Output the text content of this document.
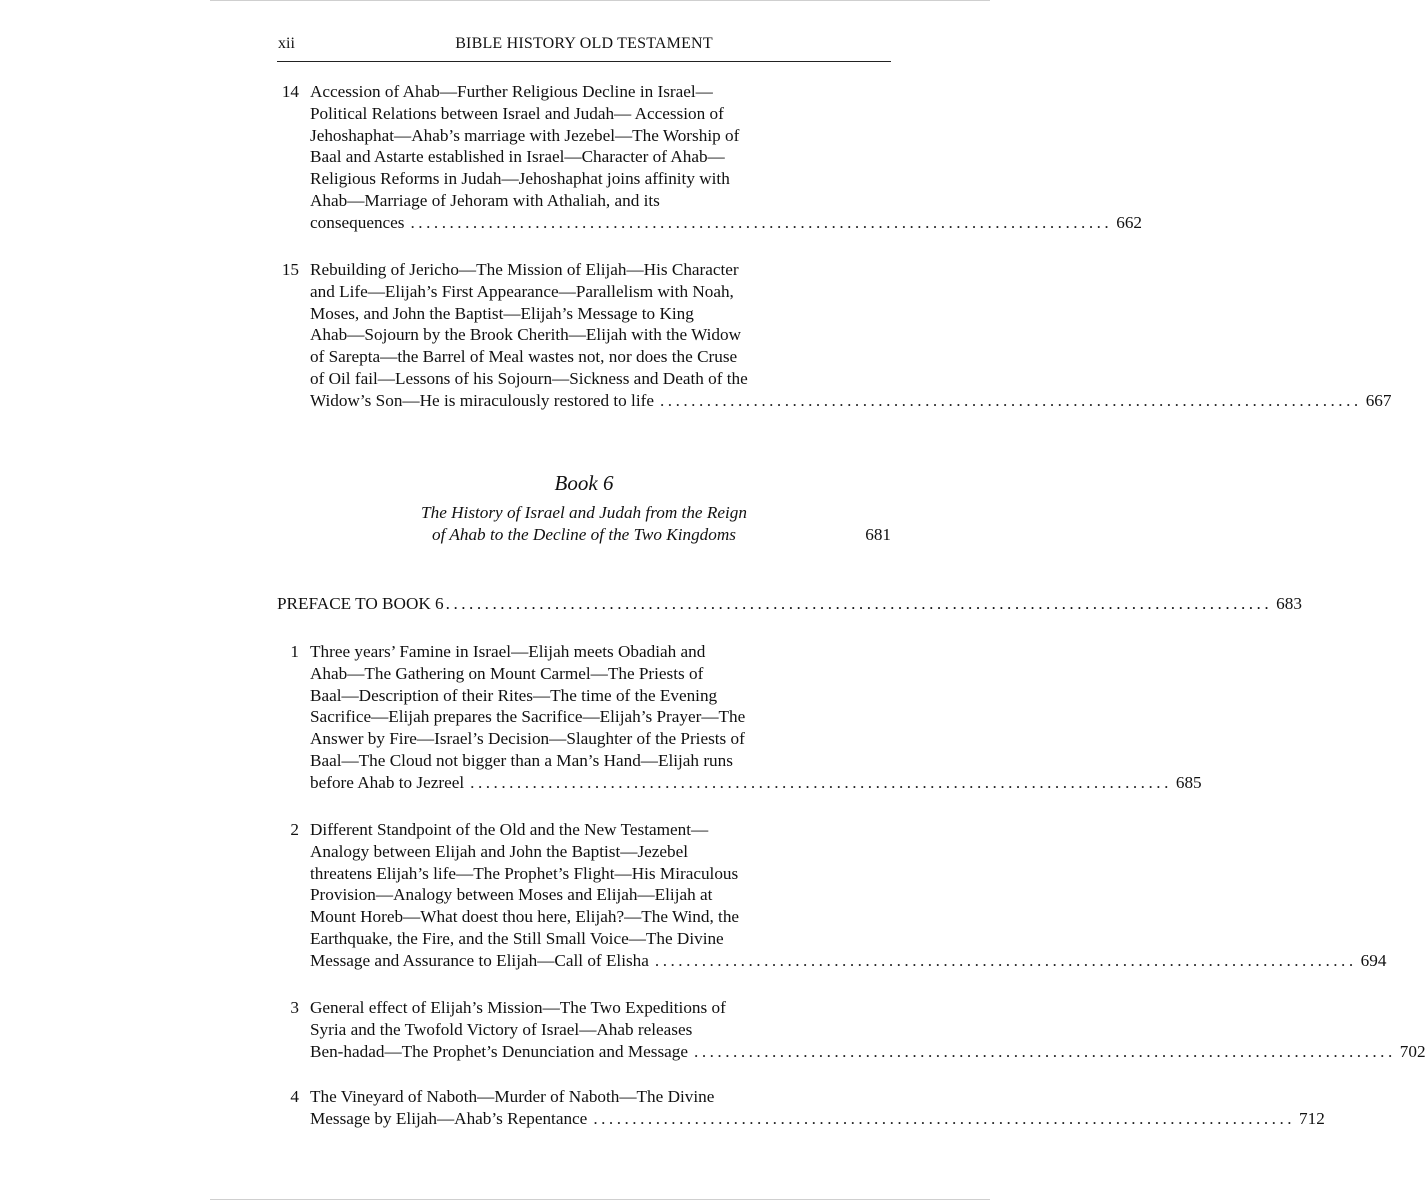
xii	BIBLE HISTORY OLD TESTAMENT
14 Accession of Ahab—Further Religious Decline in Israel—
Political Relations between Israel and Judah— Accession of
Jehoshaphat—Ahab’s marriage with Jezebel—The Worship of
Baal and Astarte established in Israel—Character of Ahab—
Religious Reforms in Judah—Jehoshaphat joins affinity with
Ahab—Marriage of Jehoram with Athaliah, and its
consequences .......................................................................................... 662
15 Rebuilding of Jericho—The Mission of Elijah—His Character
and Life—Elijah’s First Appearance—Parallelism with Noah,
Moses, and John the Baptist—Elijah’s Message to King
Ahab—Sojourn by the Brook Cherith—Elijah with the Widow
of Sarepta—the Barrel of Meal wastes not, nor does the Cruse
of Oil fail—Lessons of his Sojourn—Sickness and Death of the
Widow’s Son—He is miraculously restored to life .......................................................................................... 667
Book 6
The History of Israel and Judah from the Reign
of Ahab to the Decline of the Two Kingdoms	681
PREFACE TO BOOK 6 .......................................................................................................... 683
1 Three years’ Famine in Israel—Elijah meets Obadiah and
Ahab—The Gathering on Mount Carmel—The Priests of
Baal—Description of their Rites—The time of the Evening
Sacrifice—Elijah prepares the Sacrifice—Elijah’s Prayer—The
Answer by Fire—Israel’s Decision—Slaughter of the Priests of
Baal—The Cloud not bigger than a Man’s Hand—Elijah runs
before Ahab to Jezreel .......................................................................................... 685
2 Different Standpoint of the Old and the New Testament—
Analogy between Elijah and John the Baptist—Jezebel
threatens Elijah’s life—The Prophet’s Flight—His Miraculous
Provision—Analogy between Moses and Elijah—Elijah at
Mount Horeb—What doest thou here, Elijah?—The Wind, the
Earthquake, the Fire, and the Still Small Voice—The Divine
Message and Assurance to Elijah—Call of Elisha .......................................................................................... 694
3 General effect of Elijah’s Mission—The Two Expeditions of
Syria and the Twofold Victory of Israel—Ahab releases
Ben-hadad—The Prophet’s Denunciation and Message .......................................................................................... 702
4 The Vineyard of Naboth—Murder of Naboth—The Divine
Message by Elijah—Ahab’s Repentance .......................................................................................... 712
